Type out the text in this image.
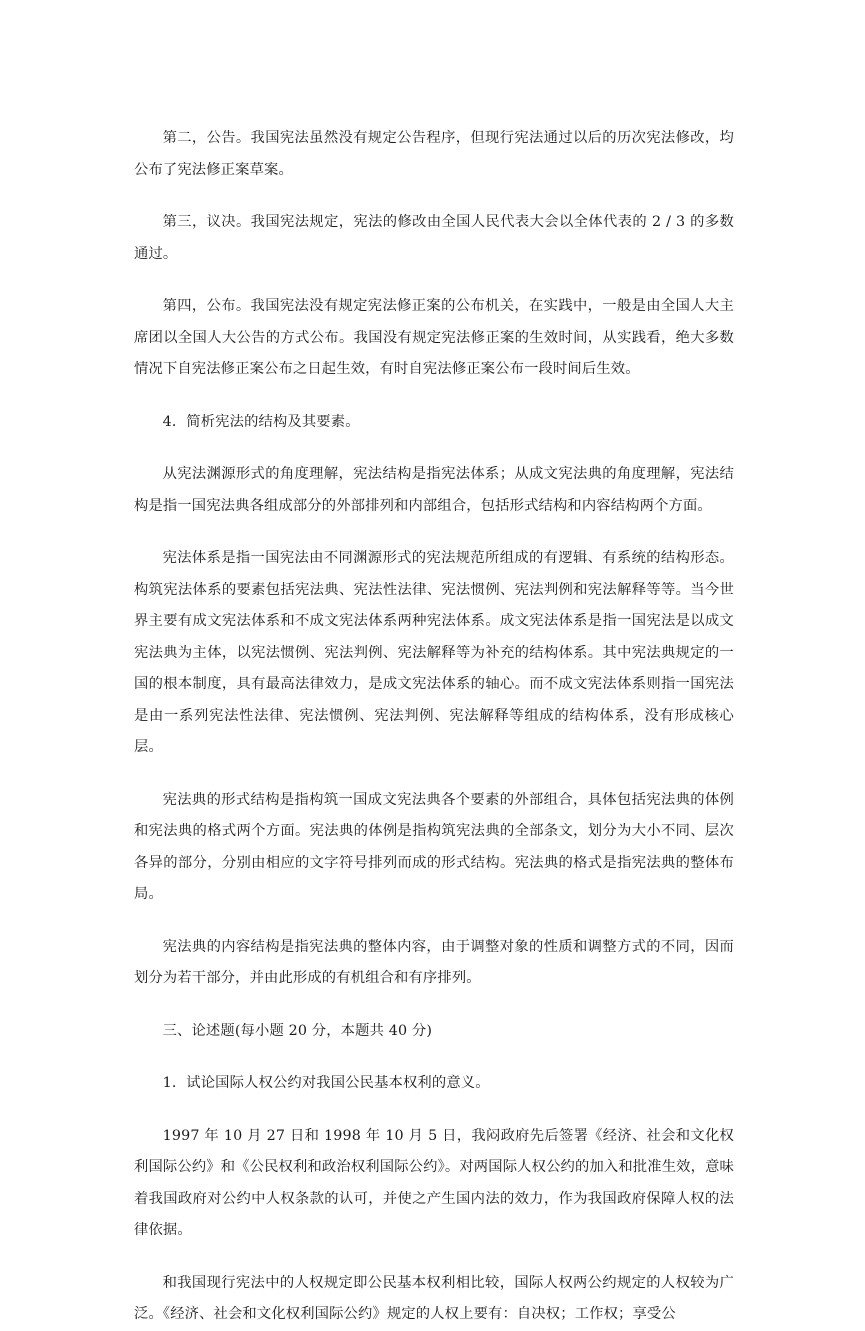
第二，公告。我国宪法虽然没有规定公告程序，但现行宪法通过以后的历次宪法修改，均公布了宪法修正案草案。

第三，议决。我国宪法规定，宪法的修改由全国人民代表大会以全体代表的 2 / 3 的多数通过。

第四，公布。我国宪法没有规定宪法修正案的公布机关，在实践中，一般是由全国人大主席团以全国人大公告的方式公布。我国没有规定宪法修正案的生效时间，从实践看，绝大多数情况下自宪法修正案公布之日起生效，有时自宪法修正案公布一段时间后生效。

4．简析宪法的结构及其要素。

从宪法渊源形式的角度理解，宪法结构是指宪法体系；从成文宪法典的角度理解，宪法结构是指一国宪法典各组成部分的外部排列和内部组合，包括形式结构和内容结构两个方面。

宪法体系是指一国宪法由不同渊源形式的宪法规范所组成的有逻辑、有系统的结构形态。构筑宪法体系的要素包括宪法典、宪法性法律、宪法惯例、宪法判例和宪法解释等等。当今世界主要有成文宪法体系和不成文宪法体系两种宪法体系。成文宪法体系是指一国宪法是以成文宪法典为主体，以宪法惯例、宪法判例、宪法解释等为补充的结构体系。其中宪法典规定的一国的根本制度，具有最高法律效力，是成文宪法体系的轴心。而不成文宪法体系则指一国宪法是由一系列宪法性法律、宪法惯例、宪法判例、宪法解释等组成的结构体系，没有形成核心层。

宪法典的形式结构是指构筑一国成文宪法典各个要素的外部组合，具体包括宪法典的体例和宪法典的格式两个方面。宪法典的体例是指构筑宪法典的全部条文，划分为大小不同、层次各异的部分，分别由相应的文字符号排列而成的形式结构。宪法典的格式是指宪法典的整体布局。

宪法典的内容结构是指宪法典的整体内容，由于调整对象的性质和调整方式的不同，因而划分为若干部分，并由此形成的有机组合和有序排列。

三、论述题(每小题 20 分，本题共 40 分)

1．试论国际人权公约对我国公民基本权利的意义。

1997 年 10 月 27 日和 1998 年 10 月 5 日，我闷政府先后签署《经济、社会和文化权利国际公约》和《公民权利和政治权利国际公约》。对两国际人权公约的加入和批准生效，意味着我国政府对公约中人权条款的认可，并使之产生国内法的效力，作为我国政府保障人权的法律依据。

和我国现行宪法中的人权规定即公民基本权利相比较，国际人权两公约规定的人权较为广泛。《经济、社会和文化权利国际公约》规定的人权上要有：自决权；工作权；享受公
